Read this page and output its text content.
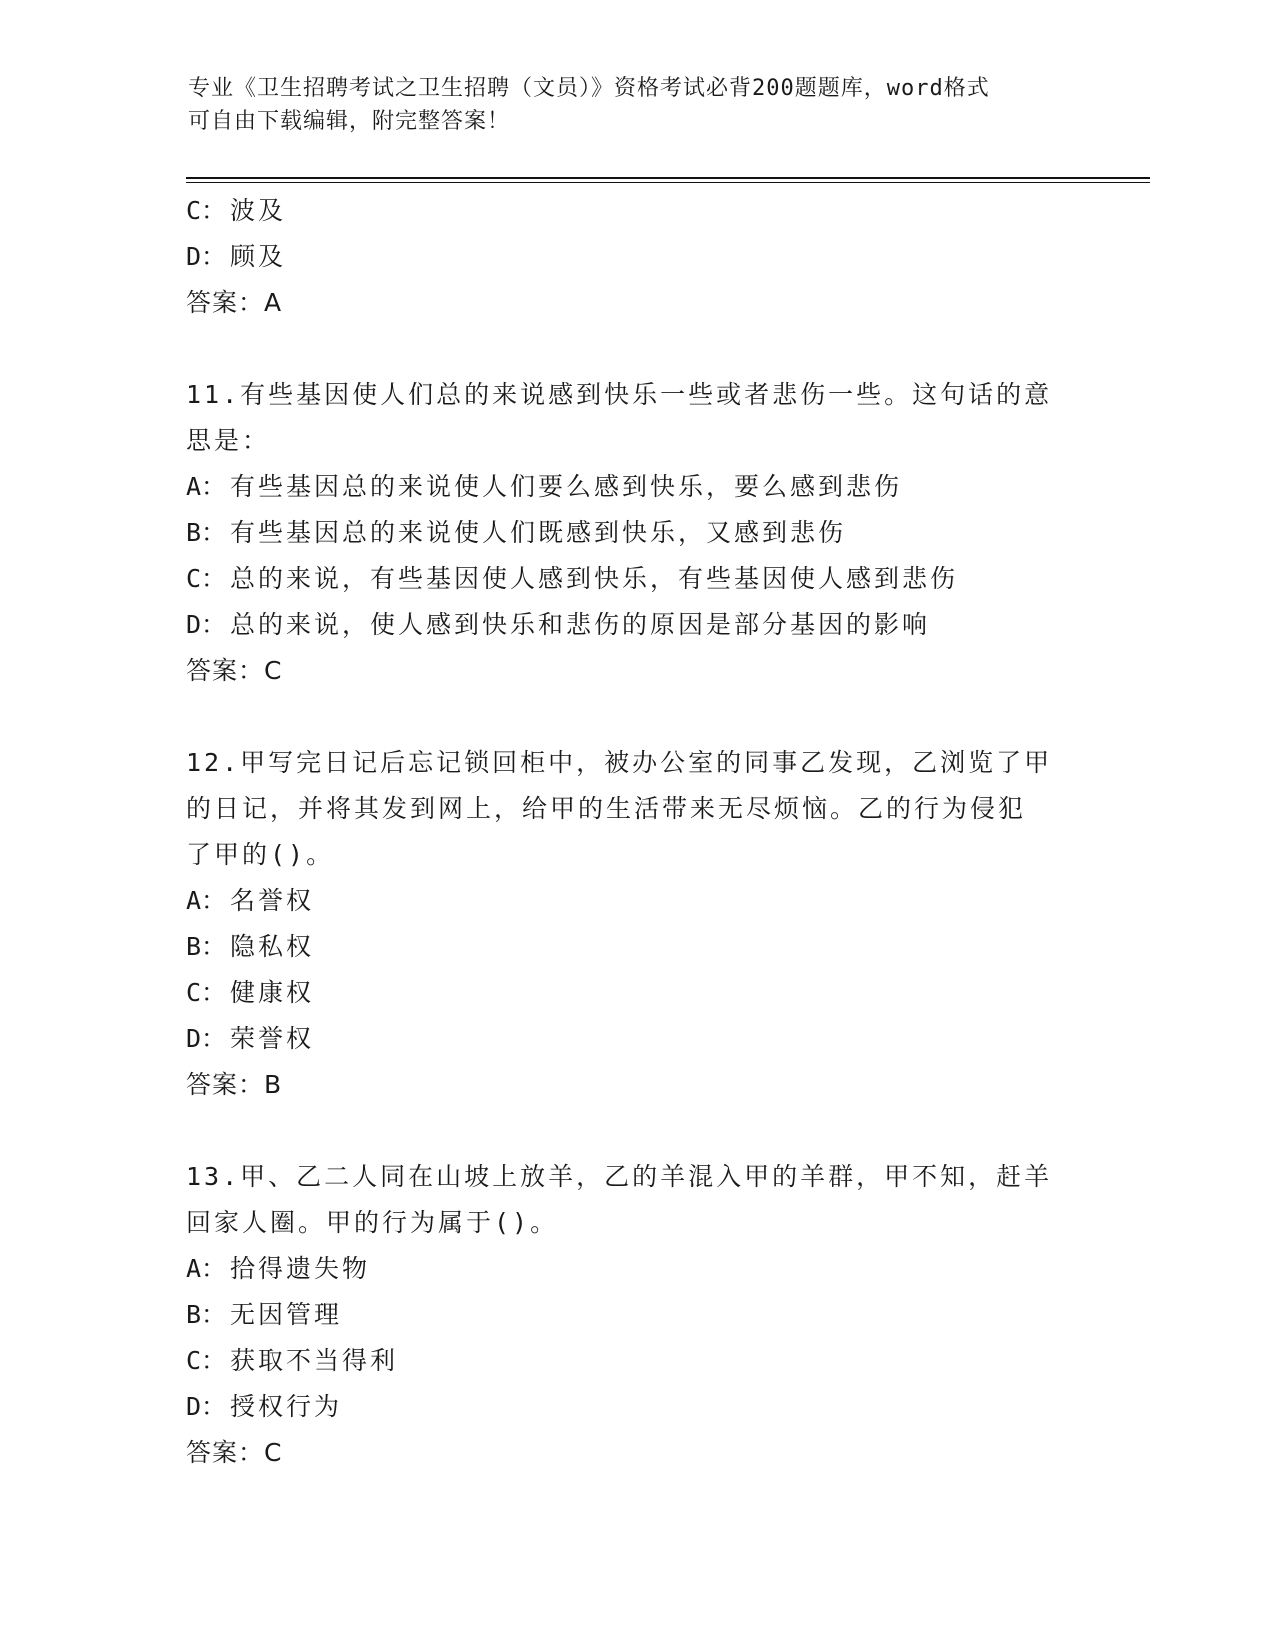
专业《卫生招聘考试之卫生招聘（文员）》资格考试必背200题题库，word格式
可自由下载编辑，附完整答案！
C： 波及
D： 顾及
答案：A
11.有些基因使人们总的来说感到快乐一些或者悲伤一些。这句话的意
思是：
A： 有些基因总的来说使人们要么感到快乐，要么感到悲伤
B： 有些基因总的来说使人们既感到快乐，又感到悲伤
C： 总的来说，有些基因使人感到快乐，有些基因使人感到悲伤
D： 总的来说，使人感到快乐和悲伤的原因是部分基因的影响
答案：C
12.甲写完日记后忘记锁回柜中，被办公室的同事乙发现，乙浏览了甲
的日记，并将其发到网上，给甲的生活带来无尽烦恼。乙的行为侵犯
了甲的()。
A： 名誉权
B： 隐私权
C： 健康权
D： 荣誉权
答案：B
13.甲、乙二人同在山坡上放羊，乙的羊混入甲的羊群，甲不知，赶羊
回家人圈。甲的行为属于()。
A： 拾得遗失物
B： 无因管理
C： 获取不当得利
D： 授权行为
答案：C
